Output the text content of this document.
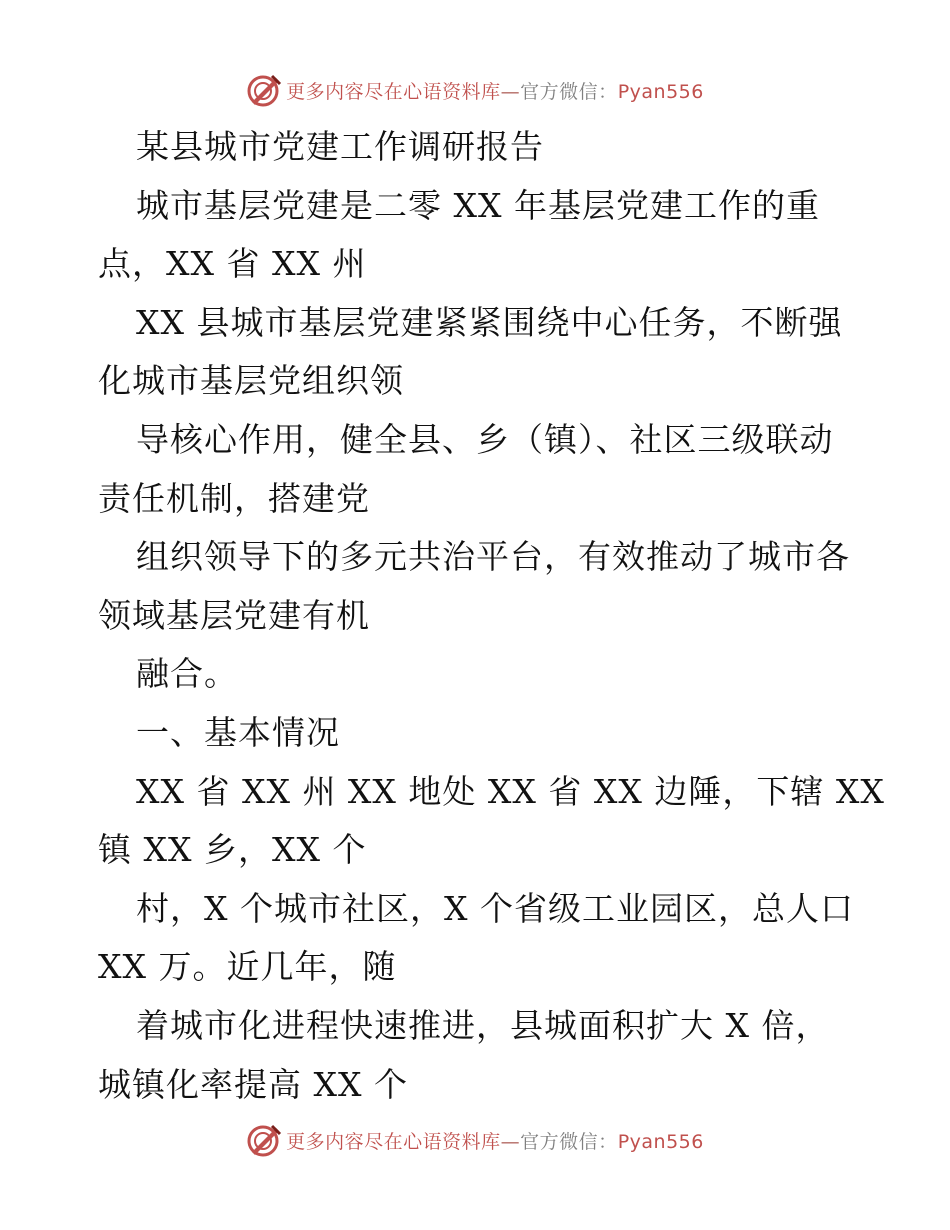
更多内容尽在心语资料库—官方微信：Pyan556
某县城市党建工作调研报告
城市基层党建是二零 XX 年基层党建工作的重
点，XX 省 XX 州
XX 县城市基层党建紧紧围绕中心任务，不断强
化城市基层党组织领
导核心作用，健全县、乡（镇）、社区三级联动
责任机制，搭建党
组织领导下的多元共治平台，有效推动了城市各
领域基层党建有机
融合。
一、基本情况
XX 省 XX 州 XX 地处 XX 省 XX 边陲，下辖 XX
镇 XX 乡，XX 个
村，X 个城市社区，X 个省级工业园区，总人口
XX 万。近几年，随
着城市化进程快速推进，县城面积扩大 X 倍，
城镇化率提高 XX 个
更多内容尽在心语资料库—官方微信：Pyan556
